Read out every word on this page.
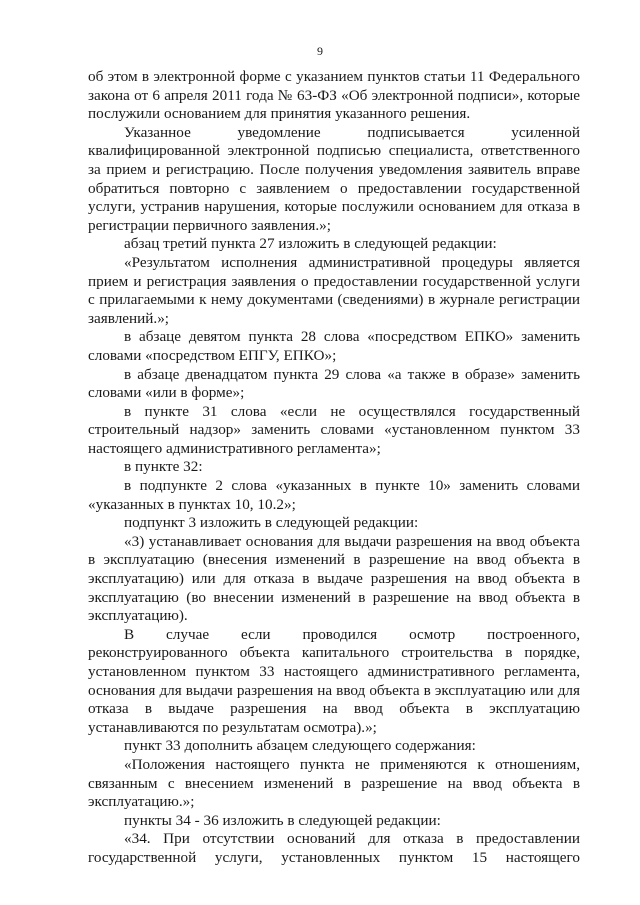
9

об этом в электронной форме с указанием пунктов статьи 11 Федерального закона от 6 апреля 2011 года № 63-ФЗ «Об электронной подписи», которые послужили основанием для принятия указанного решения.

Указанное уведомление подписывается усиленной квалифицированной электронной подписью специалиста, ответственного за прием и регистрацию. После получения уведомления заявитель вправе обратиться повторно с заявлением о предоставлении государственной услуги, устранив нарушения, которые послужили основанием для отказа в регистрации первичного заявления.»;

абзац третий пункта 27 изложить в следующей редакции:

«Результатом исполнения административной процедуры является прием и регистрация заявления о предоставлении государственной услуги с прилагаемыми к нему документами (сведениями) в журнале регистрации заявлений.»;

в абзаце девятом пункта 28 слова «посредством ЕПКО» заменить словами «посредством ЕПГУ, ЕПКО»;

в абзаце двенадцатом пункта 29 слова «а также в образе» заменить словами «или в форме»;

в пункте 31 слова «если не осуществлялся государственный строительный надзор» заменить словами «установленном пунктом 33 настоящего административного регламента»;

в пункте 32:

в подпункте 2 слова «указанных в пункте 10» заменить словами «указанных в пунктах 10, 10.2»;

подпункт 3 изложить в следующей редакции:

«3) устанавливает основания для выдачи разрешения на ввод объекта в эксплуатацию (внесения изменений в разрешение на ввод объекта в эксплуатацию) или для отказа в выдаче разрешения на ввод объекта в эксплуатацию (во внесении изменений в разрешение на ввод объекта в эксплуатацию).

В случае если проводился осмотр построенного, реконструированного объекта капитального строительства в порядке, установленном пунктом 33 настоящего административного регламента, основания для выдачи разрешения на ввод объекта в эксплуатацию или для отказа в выдаче разрешения на ввод объекта в эксплуатацию устанавливаются по результатам осмотра).»;

пункт 33 дополнить абзацем следующего содержания:

«Положения настоящего пункта не применяются к отношениям, связанным с внесением изменений в разрешение на ввод объекта в эксплуатацию.»;

пункты 34 - 36 изложить в следующей редакции:

«34. При отсутствии оснований для отказа в предоставлении государственной услуги, установленных пунктом 15 настоящего
